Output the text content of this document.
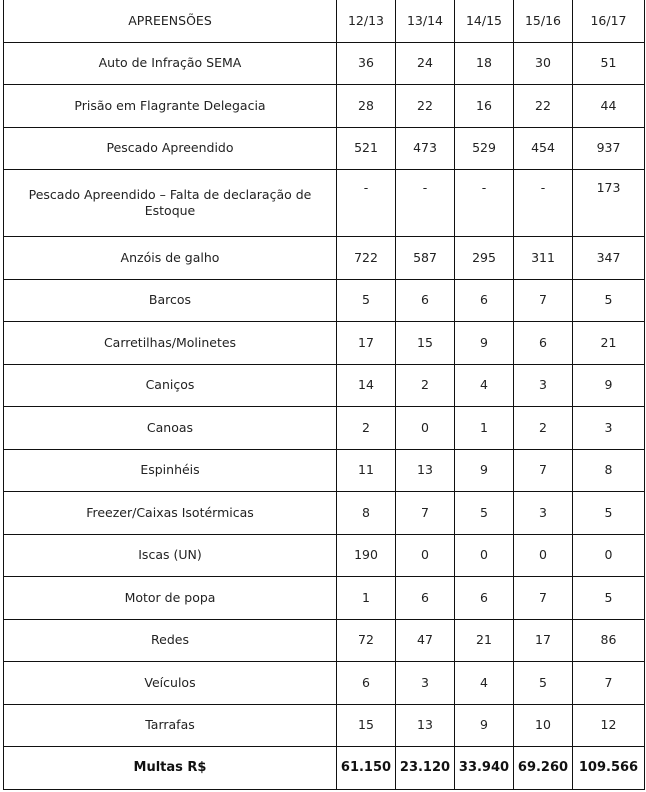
APREENSÕES	12/13	13/14	14/15	15/16	16/17
Auto de Infração SEMA	36	24	18	30	51
Prisão em Flagrante Delegacia	28	22	16	22	44
Pescado Apreendido	521	473	529	454	937
Pescado Apreendido – Falta de declaração de Estoque	-	-	-	-	173
Anzóis de galho	722	587	295	311	347
Barcos	5	6	6	7	5
Carretilhas/Molinetes	17	15	9	6	21
Caniços	14	2	4	3	9
Canoas	2	0	1	2	3
Espinhéis	11	13	9	7	8
Freezer/Caixas Isotérmicas	8	7	5	3	5
Iscas (UN)	190	0	0	0	0
Motor de popa	1	6	6	7	5
Redes	72	47	21	17	86
Veículos	6	3	4	5	7
Tarrafas	15	13	9	10	12
Multas R$	61.150	23.120	33.940	69.260	109.566
